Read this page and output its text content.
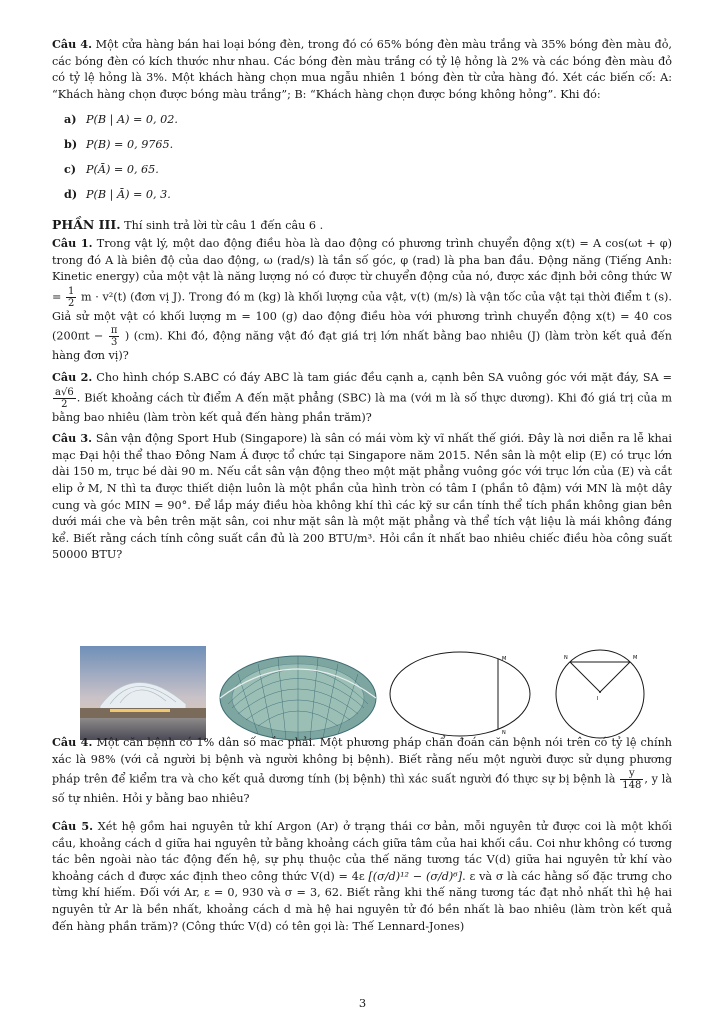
Câu 4. Một cửa hàng bán hai loại bóng đèn, trong đó có 65% bóng đèn màu trắng và 35% bóng đèn màu đỏ, các bóng đèn có kích thước như nhau. Các bóng đèn màu trắng có tỷ lệ hỏng là 2% và các bóng đèn màu đỏ có tỷ lệ hỏng là 3%. Một khách hàng chọn mua ngẫu nhiên 1 bóng đèn từ cửa hàng đó. Xét các biến cố: A: “Khách hàng chọn được bóng màu trắng”; B: “Khách hàng chọn được bóng không hỏng”. Khi đó:

a) P(B | A) = 0, 02.
b) P(B) = 0, 9765.
c) P(Ā) = 0, 65.
d) P(B | Ā) = 0, 3.

PHẦN III. Thí sinh trả lời từ câu 1 đến câu 6 .

Câu 1. Trong vật lý, một dao động điều hòa là dao động có phương trình chuyển động x(t) = A cos(ωt + φ) trong đó A là biên độ của dao động, ω (rad/s) là tần số góc, φ (rad) là pha ban đầu. Động năng (Tiếng Anh: Kinetic energy) của một vật là năng lượng nó có được từ chuyển động của nó, được xác định bởi công thức $W = \frac{1}{2}$ m · v²(t) (đơn vị J). Trong đó m (kg) là khối lượng của vật, v(t) (m/s) là vận tốc của vật tại thời điểm t (s). Giả sử một vật có khối lượng m = 100 (g) dao động điều hòa với phương trình chuyển động x(t) = 40 $\cos (200\pi t - \frac{\pi}{3}$ ) (cm). Khi đó, động năng vật đó đạt giá trị lớn nhất bằng bao nhiêu (J) (làm tròn kết quả đến hàng đơn vị)?

Câu 2. Cho hình chóp S.ABC có đáy ABC là tam giác đều cạnh a, cạnh bên SA vuông góc với mặt đáy, SA =
$\frac{a√6}{2}$ . Biết khoảng cách từ điểm A đến mặt phẳng (SBC) là ma (với m là số thực dương). Khi đó giá trị của m bằng bao nhiêu (làm tròn kết quả đến hàng phần trăm)?

Câu 3. Sân vận động Sport Hub (Singapore) là sân có mái vòm kỳ vĩ nhất thế giới. Đây là nơi diễn ra lễ khai mạc Đại hội thể thao Đông Nam Á được tổ chức tại Singapore năm 2015. Nền sân là một elip (E) có trục lớn dài 150 m, trục bé dài 90 m. Nếu cắt sân vận động theo một mặt phẳng vuông góc với trục lớn của (E) và cắt elip ở M, N thì ta được thiết diện luôn là một phần của hình tròn có tâm I (phần tô đậm) với MN là một dây cung và góc MIN = 90°. Để lắp máy điều hòa không khí thì các kỹ sư cần tính thể tích phần không gian bên dưới mái che và bên trên mặt sân, coi như mặt sân là một mặt phẳng và thể tích vật liệu là mái không đáng kể. Biết rằng cách tính công suất cần đủ là 200 BTU/m³. Hỏi cần ít nhất bao nhiêu chiếc điều hòa công suất 50000 BTU?

M
N
N	M
I

Câu 4. Một căn bệnh có 1% dân số mắc phải. Một phương pháp chẩn đoán căn bệnh nói trên có tỷ lệ chính xác là 98% (với cả người bị bệnh và người không bị bệnh). Biết rằng nếu một người được sử dụng phương pháp trên để kiểm tra và cho kết quả dương tính (bị bệnh) thì xác suất người đó thực sự bị bệnh là $\frac{y}{148}$ , y là số tự nhiên. Hỏi y bằng bao nhiêu?

Câu 5. Xét hệ gồm hai nguyên tử khí Argon (Ar) ở trạng thái cơ bản, mỗi nguyên tử được coi là một khối cầu, khoảng cách d giữa hai nguyên tử bằng khoảng cách giữa tâm của hai khối cầu. Coi như không có tương tác bên ngoài nào tác động đến hệ, sự phụ thuộc của thế năng tương tác V(d) giữa hai nguyên tử khí vào khoảng cách d được xác định theo công thức V(d) = 4ε [(σ/d)¹² − (σ/d)⁶]. ε và σ là các hằng số đặc trưng cho từng khí hiếm. Đối với Ar, ε = 0, 930 và σ = 3, 62. Biết rằng khi thế năng tương tác đạt nhỏ nhất thì hệ hai nguyên tử Ar là bền nhất, khoảng cách d mà hệ hai nguyên tử đó bền nhất là bao nhiêu (làm tròn kết quả đến hàng phần trăm)? (Công thức V(d) có tên gọi là: Thế Lennard-Jones)

3
